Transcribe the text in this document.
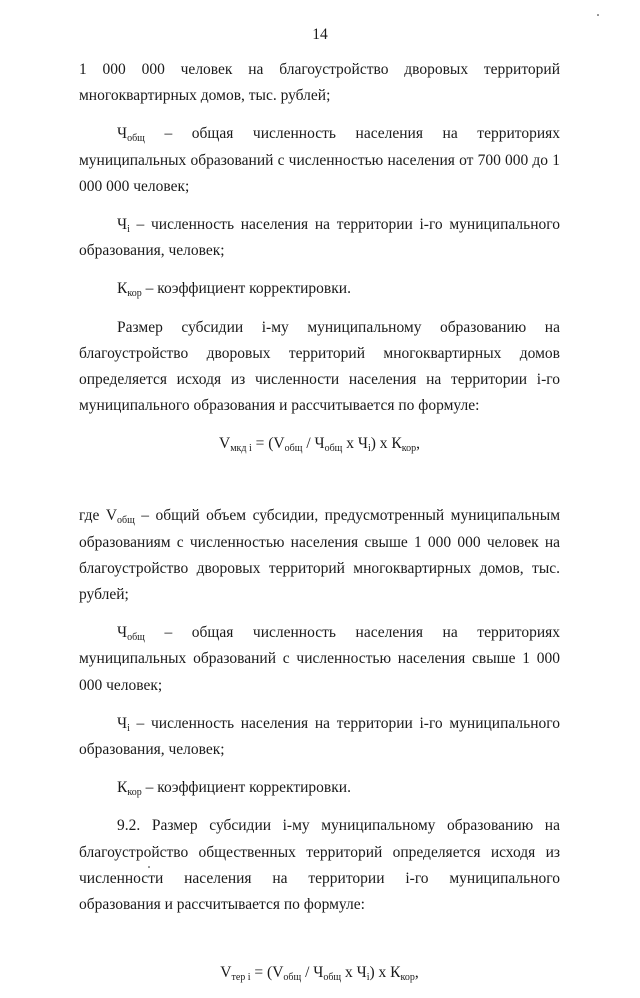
14

1 000 000 человек на благоустройство дворовых территорий многоквартирных домов, тыс. рублей;

$Ч_{общ}$ – общая численность населения на территориях муниципальных образований с численностью населения от 700 000 до 1 000 000 человек;

$Ч_i$ – численность населения на территории i-го муниципального образования, человек;

$К_{кор}$ – коэффициент корректировки.

Размер субсидии i-му муниципальному образованию на благоустройство дворовых территорий многоквартирных домов определяется исходя из численности населения на территории i-го муниципального образования и рассчитывается по формуле:

$V_{мкд i} = (V_{общ} / Ч_{общ}$ x $Ч_i$) x $К_{кор}$,

где $V_{общ}$ – общий объем субсидии, предусмотренный муниципальным образованиям с численностью населения свыше 1 000 000 человек на благоустройство дворовых территорий многоквартирных домов, тыс. рублей;

$Ч_{общ}$ – общая численность населения на территориях муниципальных образований с численностью населения свыше 1 000 000 человек;

$Ч_i$ – численность населения на территории i-го муниципального образования, человек;

$К_{кор}$ – коэффициент корректировки.

9.2. Размер субсидии i-му муниципальному образованию на благоустройство общественных территорий определяется исходя из численности населения на территории i-го муниципального образования и рассчитывается по формуле:

$V_{тер i} = (V_{общ} / Ч_{общ}$ x $Ч_i$) x $К_{кор}$,
